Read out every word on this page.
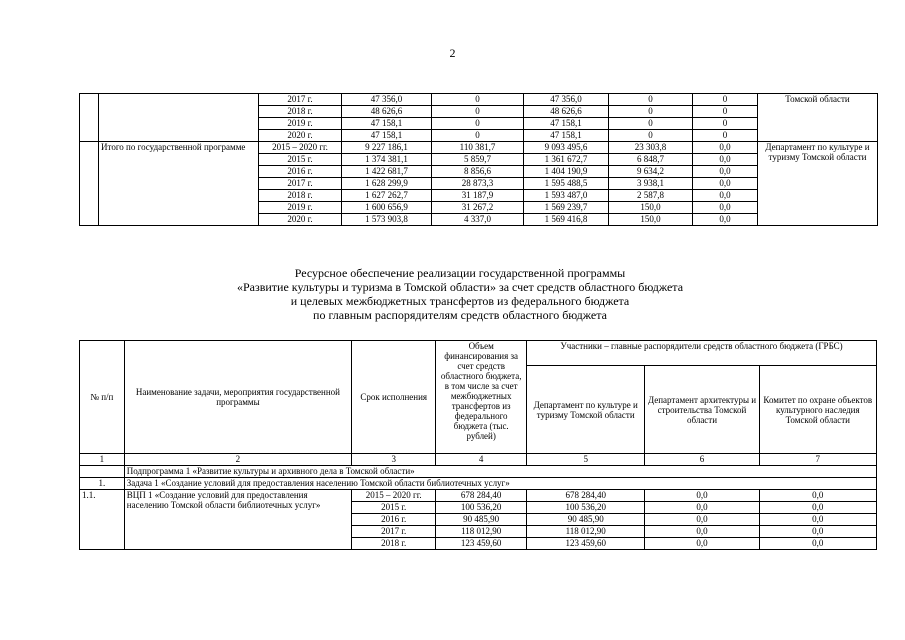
2
		2017 г.	47 356,0	0	47 356,0	0	0	Томской области
		2018 г.	48 626,6	0	48 626,6	0	0	
		2019 г.	47 158,1	0	47 158,1	0	0	
		2020 г.	47 158,1	0	47 158,1	0	0	
	Итого по государственной программе	2015 – 2020 гг.	9 227 186,1	110 381,7	9 093 495,6	23 303,8	0,0	Департамент по культуре и туризму Томской области
		2015 г.	1 374 381,1	5 859,7	1 361 672,7	6 848,7	0,0	
		2016 г.	1 422 681,7	8 856,6	1 404 190,9	9 634,2	0,0	
		2017 г.	1 628 299,9	28 873,3	1 595 488,5	3 938,1	0,0	
		2018 г.	1 627 262,7	31 187,9	1 593 487,0	2 587,8	0,0	
		2019 г.	1 600 656,9	31 267,2	1 569 239,7	150,0	0,0	
		2020 г.	1 573 903,8	4 337,0	1 569 416,8	150,0	0,0	
Ресурсное обеспечение реализации государственной программы
«Развитие культуры и туризма в Томской области» за счет средств областного бюджета
и целевых межбюджетных трансфертов из федерального бюджета
по главным распорядителям средств областного бюджета
№ п/п	Наименование задачи, мероприятия государственной программы	Срок исполнения	Объем финансирования за счет средств областного бюджета, в том числе за счет межбюджетных трансфертов из федерального бюджета (тыс. рублей)	Участники – главные распорядители средств областного бюджета (ГРБС)		
				Департамент по культуре и туризму Томской области	Департамент архитектуры и строительства Томской области	Комитет по охране объектов культурного наследия Томской области
1	2	3	4	5	6	7
	Подпрограмма 1 «Развитие культуры и архивного дела в Томской области»					
1.	Задача 1 «Создание условий для предоставления населению Томской области библиотечных услуг»					
1.1.	ВЦП 1 «Создание условий для предоставления населению Томской области библиотечных услуг»	2015 – 2020 гг.	678 284,40	678 284,40	0,0	0,0
		2015 г.	100 536,20	100 536,20	0,0	0,0
		2016 г.	90 485,90	90 485,90	0,0	0,0
		2017 г.	118 012,90	118 012,90	0,0	0,0
		2018 г.	123 459,60	123 459,60	0,0	0,0
